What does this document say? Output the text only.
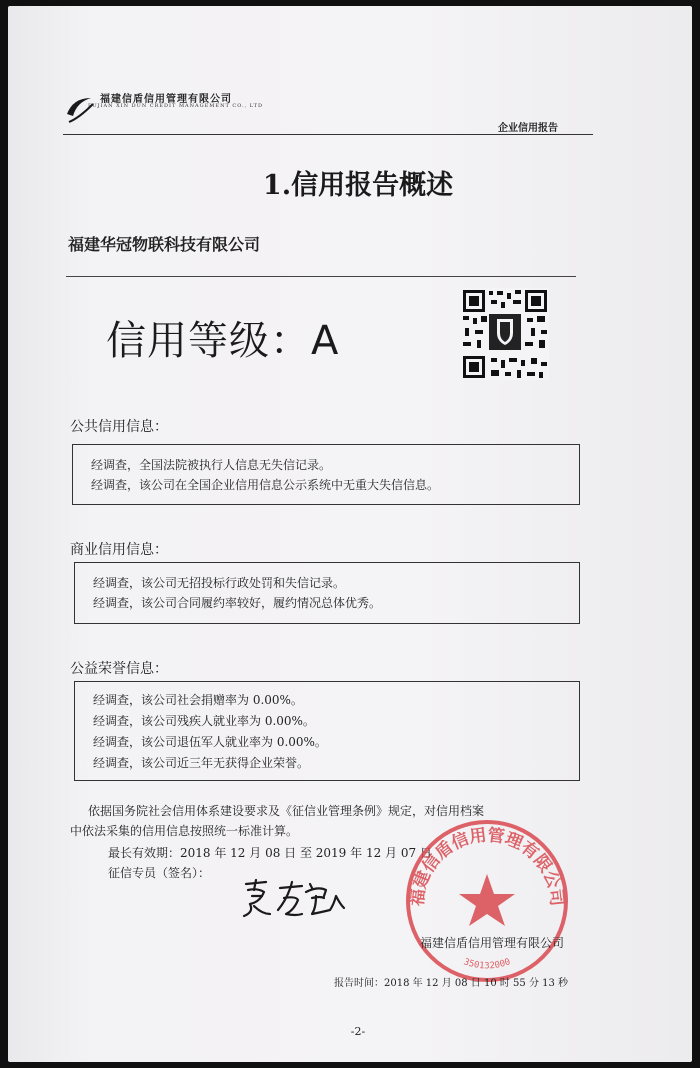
福建信盾信用管理有限公司
FUJIAN XIN DUN CREDIT MANAGEMENT CO., LTD
企业信用报告
1.信用报告概述
福建华冠物联科技有限公司
信用等级：A
公共信用信息：
经调查，全国法院被执行人信息无失信记录。
经调查，该公司在全国企业信用信息公示系统中无重大失信信息。
商业信用信息：
经调查，该公司无招投标行政处罚和失信记录。
经调查，该公司合同履约率较好，履约情况总体优秀。
公益荣誉信息：
经调查，该公司社会捐赠率为 0.00%。
经调查，该公司残疾人就业率为 0.00%。
经调查，该公司退伍军人就业率为 0.00%。
经调查，该公司近三年无获得企业荣誉。
依据国务院社会信用体系建设要求及《征信业管理条例》规定，对信用档案
中依法采集的信用信息按照统一标准计算。
最长有效期：2018 年 12 月 08 日 至 2019 年 12 月 07 日
征信专员（签名）：
福建信盾信用管理有限公司
350132000
福建信盾信用管理有限公司
报告时间：2018 年 12 月 08 日 10 时 55 分 13 秒
-2-
